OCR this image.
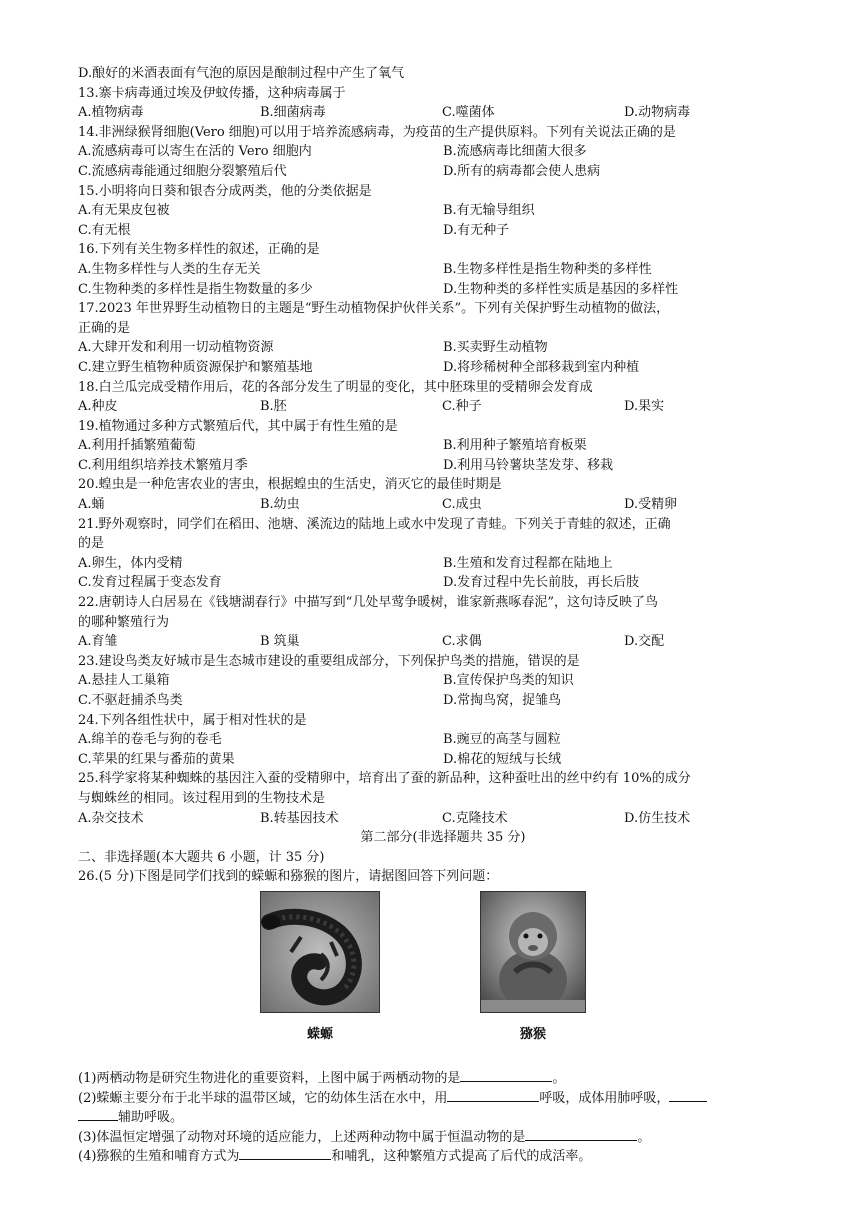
D.酿好的米酒表面有气泡的原因是酿制过程中产生了氧气
13.寨卡病毒通过埃及伊蚊传播，这种病毒属于
A.植物病毒	B.细菌病毒	C.噬菌体	D.动物病毒
14.非洲绿猴肾细胞(Vero 细胞)可以用于培养流感病毒，为疫苗的生产提供原料。下列有关说法正确的是
A.流感病毒可以寄生在活的 Vero 细胞内	B.流感病毒比细菌大很多
C.流感病毒能通过细胞分裂繁殖后代	D.所有的病毒都会使人患病
15.小明将向日葵和银杏分成两类，他的分类依据是
A.有无果皮包被	B.有无输导组织
C.有无根	D.有无种子
16.下列有关生物多样性的叙述，正确的是
A.生物多样性与人类的生存无关	B.生物多样性是指生物种类的多样性
C.生物种类的多样性是指生物数量的多少	D.生物种类的多样性实质是基因的多样性
17.2023 年世界野生动植物日的主题是“野生动植物保护伙伴关系”。下列有关保护野生动植物的做法，
正确的是
A.大肆开发和利用一切动植物资源	B.买卖野生动植物
C.建立野生植物种质资源保护和繁殖基地	D.将珍稀树种全部移栽到室内种植
18.白兰瓜完成受精作用后，花的各部分发生了明显的变化，其中胚珠里的受精卵会发育成
A.种皮	B.胚	C.种子	D.果实
19.植物通过多种方式繁殖后代，其中属于有性生殖的是
A.利用扦插繁殖葡萄	B.利用种子繁殖培育板栗
C.利用组织培养技术繁殖月季	D.利用马铃薯块茎发芽、移栽
20.蝗虫是一种危害农业的害虫，根据蝗虫的生活史，消灭它的最佳时期是
A.蛹	B.幼虫	C.成虫	D.受精卵
21.野外观察时，同学们在稻田、池塘、溪流边的陆地上或水中发现了青蛙。下列关于青蛙的叙述，正确
的是
A.卵生，体内受精	B.生殖和发育过程都在陆地上
C.发育过程属于变态发育	D.发育过程中先长前肢，再长后肢
22.唐朝诗人白居易在《钱塘湖春行》中描写到“几处早莺争暖树，谁家新燕啄春泥”，这句诗反映了鸟
的哪种繁殖行为
A.育雏	B 筑巢	C.求偶	D.交配
23.建设鸟类友好城市是生态城市建设的重要组成部分，下列保护鸟类的措施，错误的是
A.悬挂人工巢箱	B.宣传保护鸟类的知识
C.不驱赶捕杀鸟类	D.常掏鸟窝，捉雏鸟
24.下列各组性状中，属于相对性状的是
A.绵羊的卷毛与狗的卷毛	B.豌豆的高茎与圆粒
C.苹果的红果与番茄的黄果	D.棉花的短绒与长绒
25.科学家将某种蜘蛛的基因注入蚕的受精卵中，培育出了蚕的新品种，这种蚕吐出的丝中约有 10%的成分
与蜘蛛丝的相同。该过程用到的生物技术是
A.杂交技术	B.转基因技术	C.克隆技术	D.仿生技术
第二部分(非选择题共 35 分)
二、非选择题(本大题共 6 小题，计 35 分)
26.(5 分)下图是同学们找到的蝾螈和猕猴的图片，请据图回答下列问题：
蝾螈	猕猴
(1)两栖动物是研究生物进化的重要资料，上图中属于两栖动物的是	。
(2)蝾螈主要分布于北半球的温带区域，它的幼体生活在水中，用	呼吸，成体用肺呼吸，
辅助呼吸。
(3)体温恒定增强了动物对环境的适应能力，上述两种动物中属于恒温动物的是	。
(4)猕猴的生殖和哺育方式为	和哺乳，这种繁殖方式提高了后代的成活率。
